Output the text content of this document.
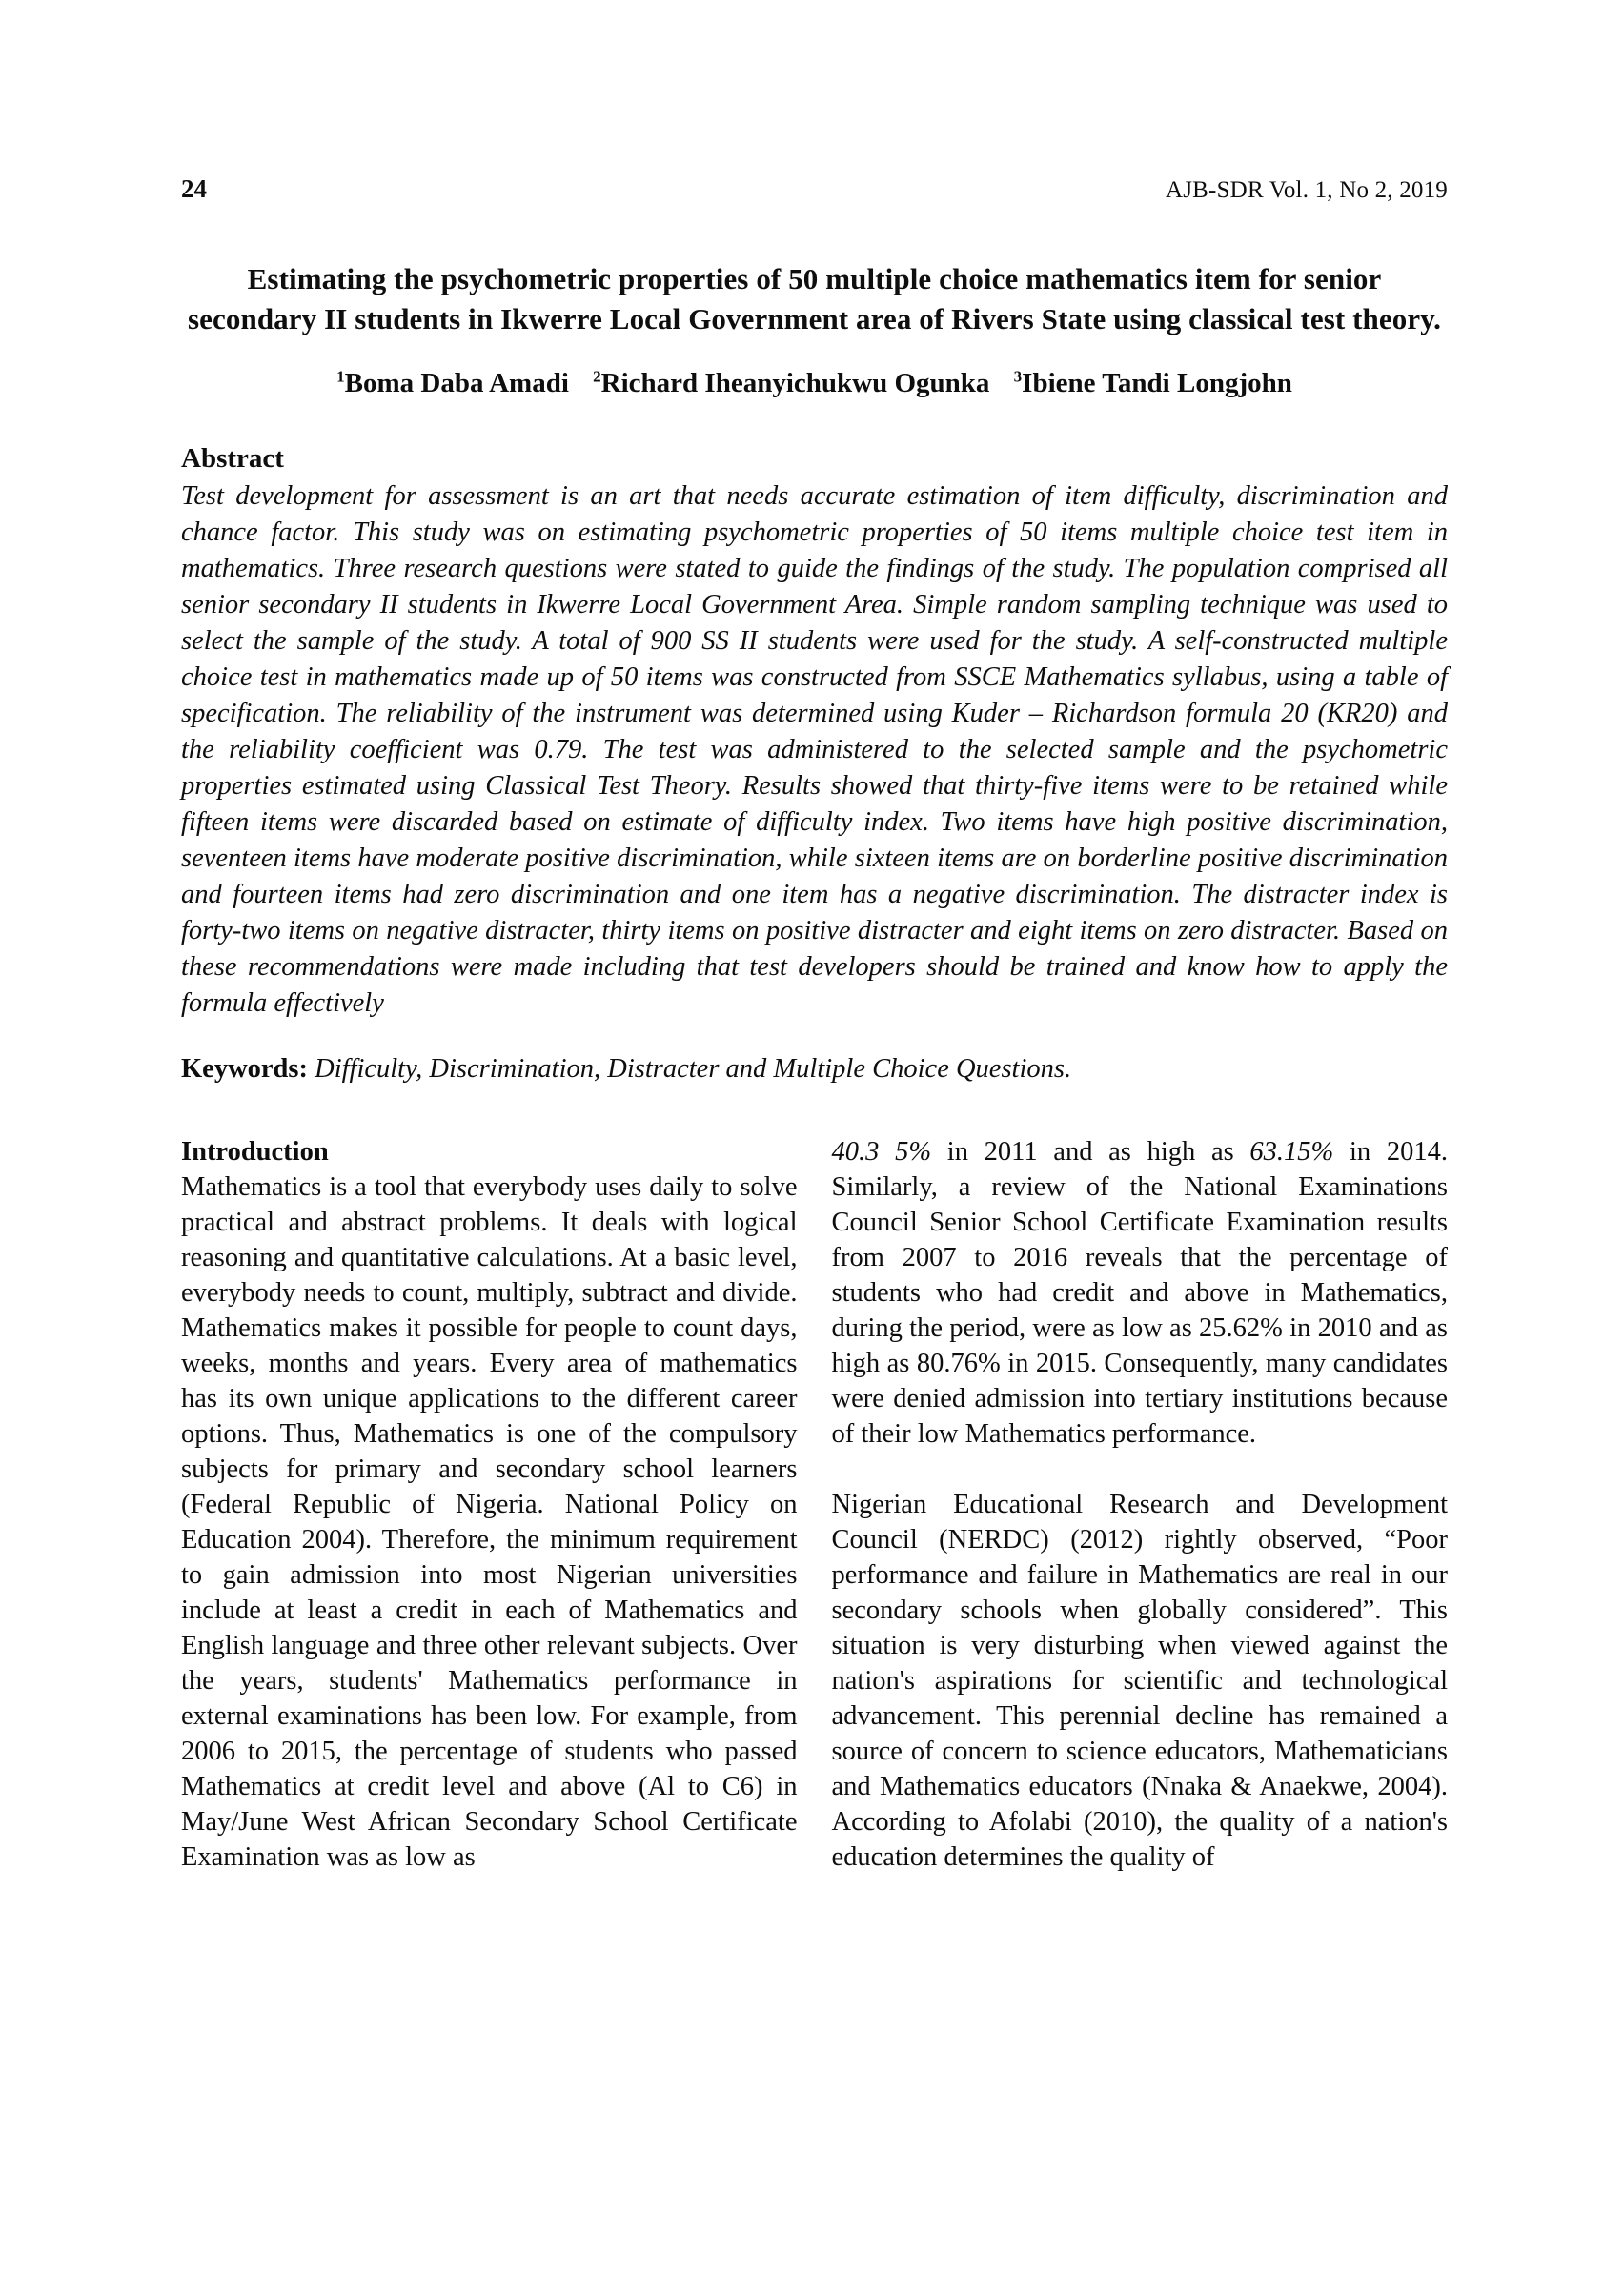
24	AJB-SDR Vol. 1, No 2, 2019
Estimating the psychometric properties of 50 multiple choice mathematics item for senior secondary II students in Ikwerre Local Government area of Rivers State using classical test theory.
$^1$Boma Daba Amadi $^2$Richard Iheanyichukwu Ogunka $^3$Ibiene Tandi Longjohn
Abstract
Test development for assessment is an art that needs accurate estimation of item difficulty, discrimination and chance factor. This study was on estimating psychometric properties of 50 items multiple choice test item in mathematics. Three research questions were stated to guide the findings of the study. The population comprised all senior secondary II students in Ikwerre Local Government Area. Simple random sampling technique was used to select the sample of the study. A total of 900 SS II students were used for the study. A self-constructed multiple choice test in mathematics made up of 50 items was constructed from SSCE Mathematics syllabus, using a table of specification. The reliability of the instrument was determined using Kuder – Richardson formula 20 (KR20) and the reliability coefficient was 0.79. The test was administered to the selected sample and the psychometric properties estimated using Classical Test Theory. Results showed that thirty-five items were to be retained while fifteen items were discarded based on estimate of difficulty index. Two items have high positive discrimination, seventeen items have moderate positive discrimination, while sixteen items are on borderline positive discrimination and fourteen items had zero discrimination and one item has a negative discrimination. The distracter index is forty-two items on negative distracter, thirty items on positive distracter and eight items on zero distracter. Based on these recommendations were made including that test developers should be trained and know how to apply the formula effectively
Keywords: Difficulty, Discrimination, Distracter and Multiple Choice Questions.
Introduction
Mathematics is a tool that everybody uses daily to solve practical and abstract problems. It deals with logical reasoning and quantitative calculations. At a basic level, everybody needs to count, multiply, subtract and divide. Mathematics makes it possible for people to count days, weeks, months and years. Every area of mathematics has its own unique applications to the different career options. Thus, Mathematics is one of the compulsory subjects for primary and secondary school learners (Federal Republic of Nigeria. National Policy on Education 2004). Therefore, the minimum requirement to gain admission into most Nigerian universities include at least a credit in each of Mathematics and English language and three other relevant subjects. Over the years, students' Mathematics performance in external examinations has been low. For example, from 2006 to 2015, the percentage of students who passed Mathematics at credit level and above (Al to C6) in May/June West African Secondary School Certificate Examination was as low as
40.3 5% in 2011 and as high as 63.15% in 2014. Similarly, a review of the National Examinations Council Senior School Certificate Examination results from 2007 to 2016 reveals that the percentage of students who had credit and above in Mathematics, during the period, were as low as 25.62% in 2010 and as high as 80.76% in 2015. Consequently, many candidates were denied admission into tertiary institutions because of their low Mathematics performance.
Nigerian Educational Research and Development Council (NERDC) (2012) rightly observed, “Poor performance and failure in Mathematics are real in our secondary schools when globally considered”. This situation is very disturbing when viewed against the nation's aspirations for scientific and technological advancement. This perennial decline has remained a source of concern to science educators, Mathematicians and Mathematics educators (Nnaka & Anaekwe, 2004). According to Afolabi (2010), the quality of a nation's education determines the quality of
